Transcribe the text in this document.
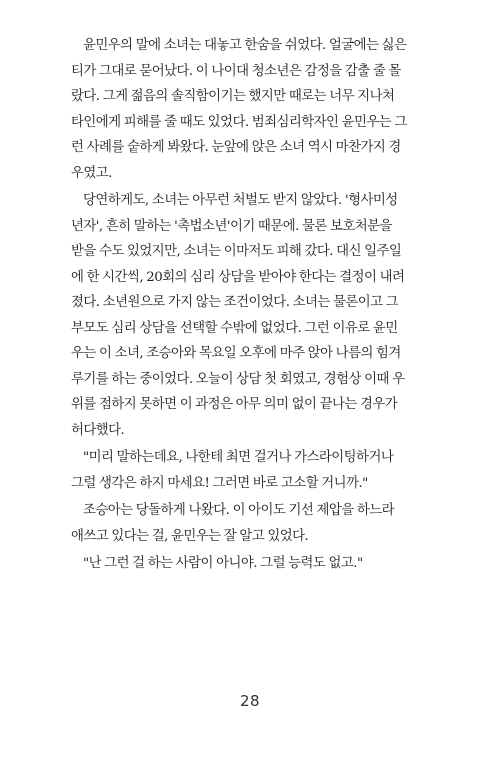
윤민우의 말에 소녀는 대놓고 한숨을 쉬었다. 얼굴에는 싫은
티가 그대로 묻어났다. 이 나이대 청소년은 감정을 감출 줄 몰
랐다. 그게 젊음의 솔직함이기는 했지만 때로는 너무 지나쳐
타인에게 피해를 줄 때도 있었다. 범죄심리학자인 윤민우는 그
런 사례를 숱하게 봐왔다. 눈앞에 앉은 소녀 역시 마찬가지 경
우였고.

당연하게도, 소녀는 아무런 처벌도 받지 않았다. '형사미성
년자', 흔히 말하는 '촉법소년'이기 때문에. 물론 보호처분을
받을 수도 있었지만, 소녀는 이마저도 피해 갔다. 대신 일주일
에 한 시간씩, 20회의 심리 상담을 받아야 한다는 결정이 내려
졌다. 소년원으로 가지 않는 조건이었다. 소녀는 물론이고 그
부모도 심리 상담을 선택할 수밖에 없었다. 그런 이유로 윤민
우는 이 소녀, 조승아와 목요일 오후에 마주 앉아 나름의 힘겨
루기를 하는 중이었다. 오늘이 상담 첫 회였고, 경험상 이때 우
위를 점하지 못하면 이 과정은 아무 의미 없이 끝나는 경우가
허다했다.

"미리 말하는데요, 나한테 최면 걸거나 가스라이팅하거나
그럴 생각은 하지 마세요! 그러면 바로 고소할 거니까."

조승아는 당돌하게 나왔다. 이 아이도 기선 제압을 하느라
애쓰고 있다는 걸, 윤민우는 잘 알고 있었다.

"난 그런 걸 하는 사람이 아니야. 그럴 능력도 없고."

28
